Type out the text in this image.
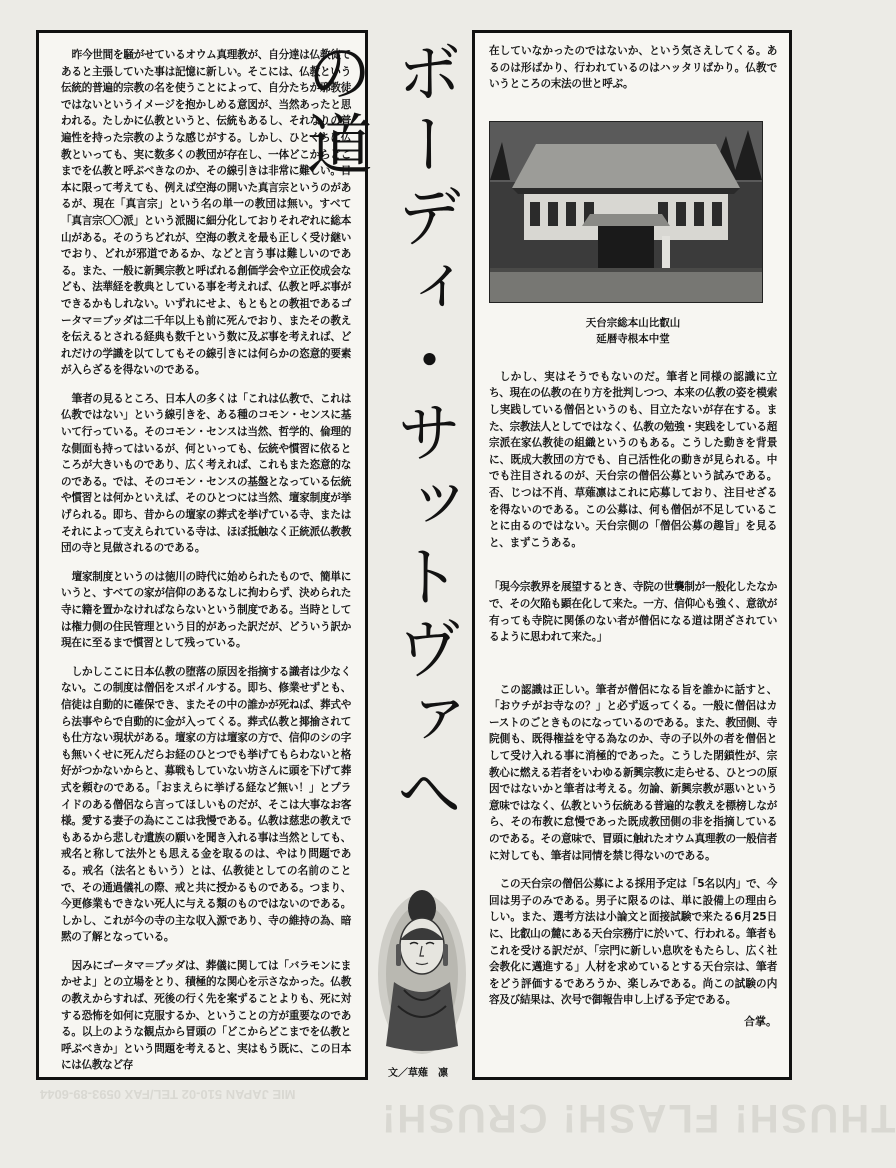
THUSH! FLASH! CRUSH!
MIE JAPAN 510-02 TEL/FAX 0593-89-6044

昨今世間を騒がせているオウム真理教が、自分達は仏教徒であると主張していた事は記憶に新しい。そこには、仏教という伝統的普遍的宗教の名を使うことによって、自分たちが邪教徒ではないというイメージを抱かしめる意図が、当然あったと思われる。たしかに仏教というと、伝統もあるし、それなりの普遍性を持った宗教のような感じがする。しかし、ひとくちに仏教といっても、実に数多くの教団が存在し、一体どこからどこまでを仏教と呼ぶべきなのか、その線引きは非常に難しい。日本に限って考えても、例えば空海の開いた真言宗というのがあるが、現在「真言宗」という名の単一の教団は無い。すべて「真言宗〇〇派」という派閥に細分化しておりそれぞれに総本山がある。そのうちどれが、空海の教えを最も正しく受け継いでおり、どれが邪道であるか、などと言う事は難しいのである。また、一般に新興宗教と呼ばれる創価学会や立正佼成会なども、法華経を教典としている事を考えれば、仏教と呼ぶ事ができるかもしれない。いずれにせよ、もともとの教祖であるゴータマ＝ブッダは二千年以上も前に死んでおり、またその教えを伝えるとされる経典も数千という数に及ぶ事を考えれば、どれだけの学識を以てしてもその線引きには何らかの恣意的要素が入らざるを得ないのである。

筆者の見るところ、日本人の多くは「これは仏教で、これは仏教ではない」という線引きを、ある種のコモン・センスに基いて行っている。そのコモン・センスは当然、哲学的、倫理的な側面も持ってはいるが、何といっても、伝統や慣習に依るところが大きいものであり、広く考えれば、これもまた恣意的なのである。では、そのコモン・センスの基盤となっている伝統や慣習とは何かといえば、そのひとつには当然、壇家制度が挙げられる。即ち、昔からの壇家の葬式を挙げている寺、またはそれによって支えられている寺は、ほぼ抵触なく正統派仏教教団の寺と見做されるのである。

壇家制度というのは徳川の時代に始められたもので、簡単にいうと、すべての家が信仰のあるなしに拘わらず、決められた寺に籍を置かなければならないという制度である。当時としては権力側の住民管理という目的があった訳だが、どういう訳か現在に至るまで慣習として残っている。

しかしここに日本仏教の堕落の原因を指摘する識者は少なくない。この制度は僧侶をスポイルする。即ち、修業せずとも、信徒は自動的に確保でき、またその中の誰かが死ねば、葬式やら法事やらで自動的に金が入ってくる。葬式仏教と揶揄されても仕方ない現状がある。壇家の方は壇家の方で、信仰のシの字も無いくせに死んだらお経のひとつでも挙げてもらわないと格好がつかないからと、募戦もしていない坊さんに頭を下げて葬式を頼むのである。「おまえらに挙げる経など無い！」とプライドのある僧侶なら言ってほしいものだが、そこは大事なお客様。愛する妻子の為にここは我慢である。仏教は慈悲の教えでもあるから悲しむ遺族の願いを聞き入れる事は当然としても、戒名と称して法外とも思える金を取るのは、やはり問題である。戒名（法名ともいう）とは、仏教徒としての名前のことで、その通過儀礼の際、戒と共に授かるものである。つまり、今更修業もできない死人に与える類のものではないのである。しかし、これが今の寺の主な収入源であり、寺の維持の為、暗黙の了解となっている。

因みにゴータマ＝ブッダは、葬儀に関しては「バラモンにまかせよ」との立場をとり、積極的な関心を示さなかった。仏教の教えからすれば、死後の行く先を案ずることよりも、死に対する恐怖を如何に克服するか、ということの方が重要なのである。以上のような観点から冒頭の「どこからどこまでを仏教と呼ぶべきか」という問題を考えると、実はもう既に、この日本には仏教など存

ボーディ・サットヴァへの道
文／草薙　凛

在していなかったのではないか、という気さえしてくる。あるのは形ばかり、行われているのはハッタリばかり。仏教でいうところの末法の世と呼ぶ。

天台宗総本山比叡山
延暦寺根本中堂

しかし、実はそうでもないのだ。筆者と同様の認識に立ち、現在の仏教の在り方を批判しつつ、本来の仏教の姿を模索し実践している僧侶というのも、目立たないが存在する。また、宗教法人としてではなく、仏教の勉強・実践をしている超宗派在家仏教徒の組織というのもある。こうした動きを背景に、既成大教団の方でも、自己活性化の動きが見られる。中でも注目されるのが、天台宗の僧侶公募という試みである。否、じつは不肖、草薙凛はこれに応募しており、注目せざるを得ないのである。この公募は、何も僧侶が不足していることに由るのではない。天台宗側の「僧侶公募の趣旨」を見ると、まずこうある。

「現今宗教界を展望するとき、寺院の世襲制が一般化したなかで、その欠陥も顕在化して来た。一方、信仰心も強く、意欲が有っても寺院に関係のない者が僧侶になる道は閉ざされているように思われて来た。」

この認識は正しい。筆者が僧侶になる旨を誰かに話すと、「おウチがお寺なの？」と必ず返ってくる。一般に僧侶はカーストのごときものになっているのである。また、教団側、寺院側も、既得権益を守る為なのか、寺の子以外の者を僧侶として受け入れる事に消極的であった。こうした閉鎖性が、宗教心に燃える若者をいわゆる新興宗教に走らせる、ひとつの原因ではないかと筆者は考える。勿論、新興宗教が悪いという意味ではなく、仏教という伝統ある普遍的な教えを標榜しながら、その布教に怠慢であった既成教団側の非を指摘しているのである。その意味で、冒頭に触れたオウム真理教の一般信者に対しても、筆者は同情を禁じ得ないのである。

この天台宗の僧侶公募による採用予定は「5名以内」で、今回は男子のみである。男子に限るのは、単に設備上の理由らしい。また、選考方法は小論文と面接試験で来たる6月25日に、比叡山の麓にある天台宗務庁に於いて、行われる。筆者もこれを受ける訳だが、「宗門に新しい息吹をもたらし、広く社会教化に邁進する」人材を求めているとする天台宗は、筆者をどう評価するであろうか、楽しみである。尚この試験の内容及び結果は、次号で御報告申し上げる予定である。

合掌。
